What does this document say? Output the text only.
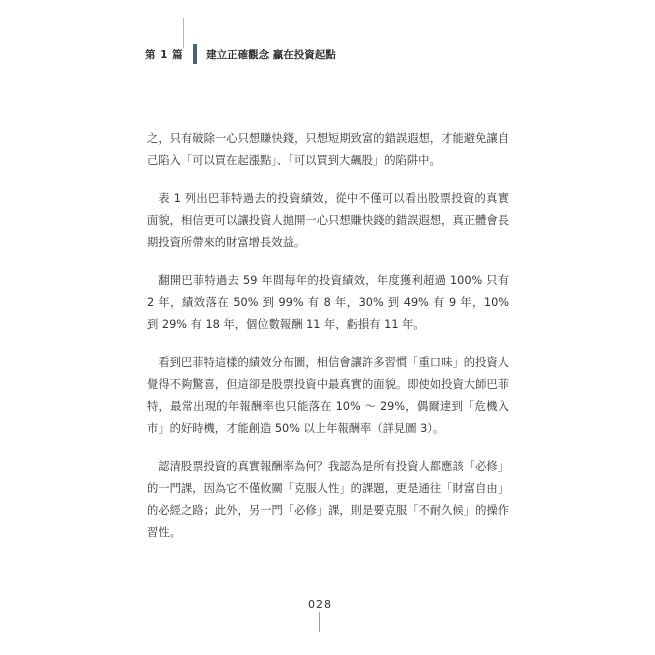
第 1 篇 建立正確觀念 贏在投資起點

之，只有破除一心只想賺快錢，只想短期致富的錯誤遐想，才能避免讓自己陷入「可以買在起漲點」、「可以買到大飆股」的陷阱中。

表 1 列出巴菲特過去的投資績效，從中不僅可以看出股票投資的真實面貌，相信更可以讓投資人拋開一心只想賺快錢的錯誤遐想，真正體會長期投資所帶來的財富增長效益。

翻開巴菲特過去 59 年間每年的投資績效，年度獲利超過 100% 只有 2 年，績效落在 50% 到 99% 有 8 年，30% 到 49% 有 9 年，10% 到 29% 有 18 年，個位數報酬 11 年，虧損有 11 年。

看到巴菲特這樣的績效分布圖，相信會讓許多習慣「重口味」的投資人覺得不夠驚喜，但這卻是股票投資中最真實的面貌。即使如投資大師巴菲特，最常出現的年報酬率也只能落在 10% ～ 29%，偶爾達到「危機入市」的好時機，才能創造 50% 以上年報酬率（詳見圖 3）。

認清股票投資的真實報酬率為何？我認為是所有投資人都應該「必修」的一門課，因為它不僅攸關「克服人性」的課題，更是通往「財富自由」的必經之路；此外，另一門「必修」課，則是要克服「不耐久候」的操作習性。

028
